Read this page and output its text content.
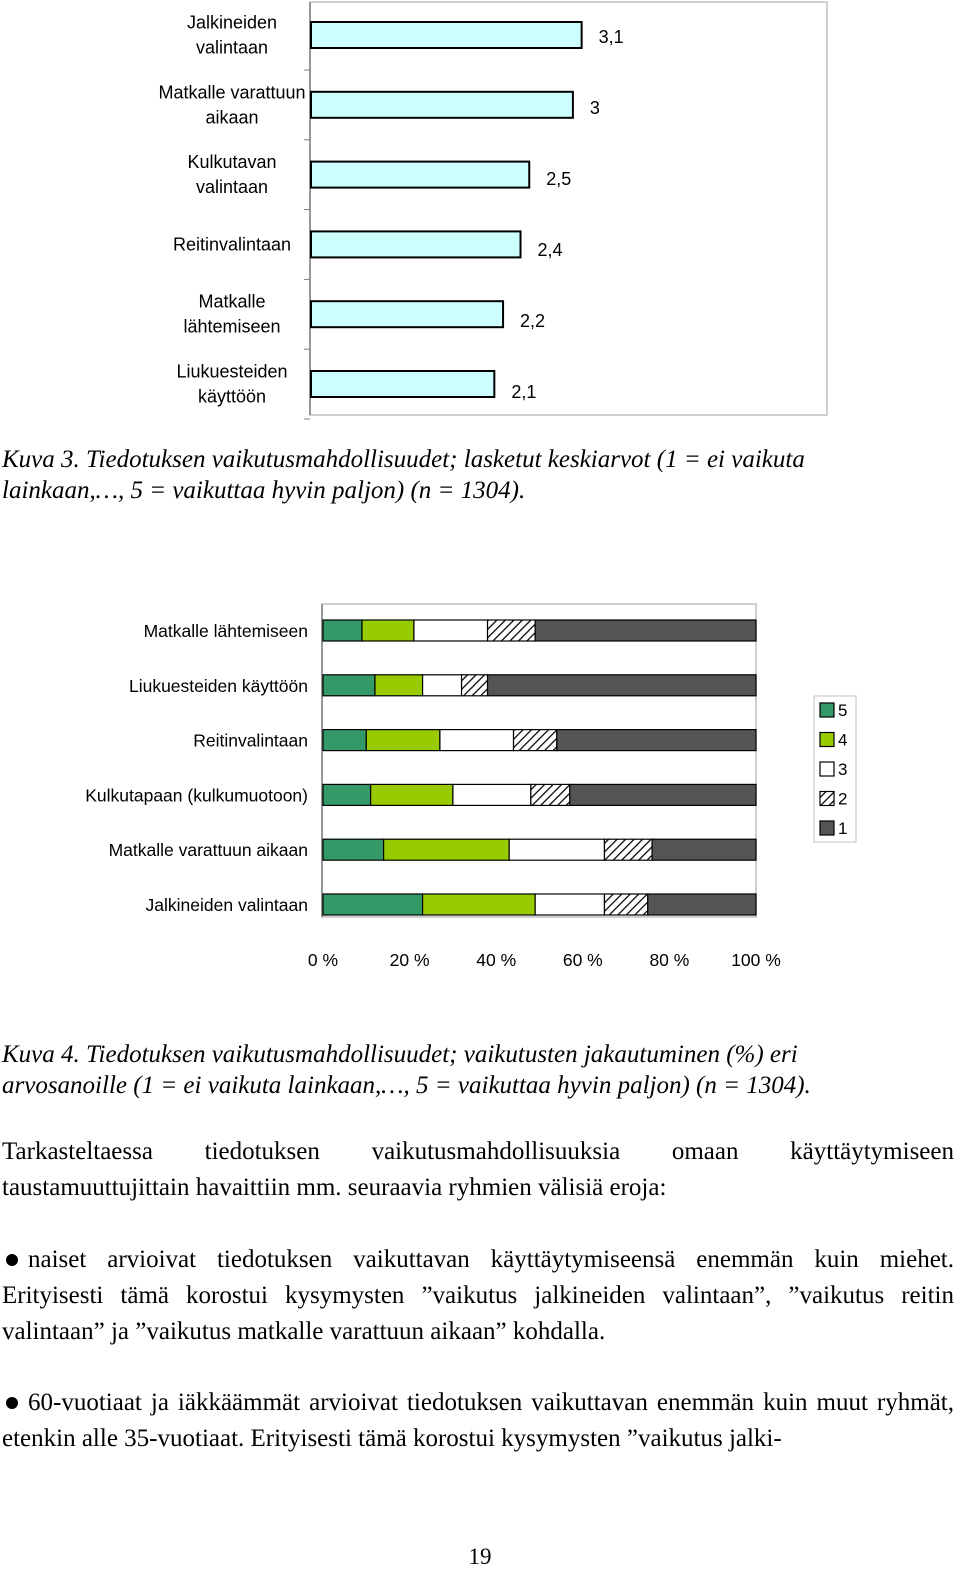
3,1
Jalkineiden valintaan
3
Matkalle varattuun aikaan
2,5
Kulkutavan valintaan
2,4
Reitinvalintaan
2,2
Matkalle lähtemiseen
2,1
Liukuesteiden käyttöön
Kuva 3. Tiedotuksen vaikutusmahdollisuudet; lasketut keskiarvot (1 = ei vaikuta lainkaan,…, 5 = vaikuttaa hyvin paljon) (n = 1304).
Matkalle lähtemiseen
Liukuesteiden käyttöön
Reitinvalintaan
Kulkutapaan (kulkumuotoon)
Matkalle varattuun aikaan
Jalkineiden valintaan
0 %	20 %	40 %	60 %	80 % 100 %
5
4
3
2
1
Kuva 4. Tiedotuksen vaikutusmahdollisuudet; vaikutusten jakautuminen (%) eri arvosanoille (1 = ei vaikuta lainkaan,…, 5 = vaikuttaa hyvin paljon) (n = 1304).
Tarkasteltaessa tiedotuksen vaikutusmahdollisuuksia omaan käyttäytymiseen taustamuuttujittain havaittiin mm. seuraavia ryhmien välisiä eroja:
naiset arvioivat tiedotuksen vaikuttavan käyttäytymiseensä enemmän kuin miehet. Erityisesti tämä korostui kysymysten ”vaikutus jalkineiden valintaan”, ”vaikutus reitin valintaan” ja ”vaikutus matkalle varattuun aikaan” kohdalla.
60-vuotiaat ja iäkkäämmät arvioivat tiedotuksen vaikuttavan enemmän kuin muut ryhmät, etenkin alle 35-vuotiaat. Erityisesti tämä korostui kysymysten ”vaikutus jalki-
19
